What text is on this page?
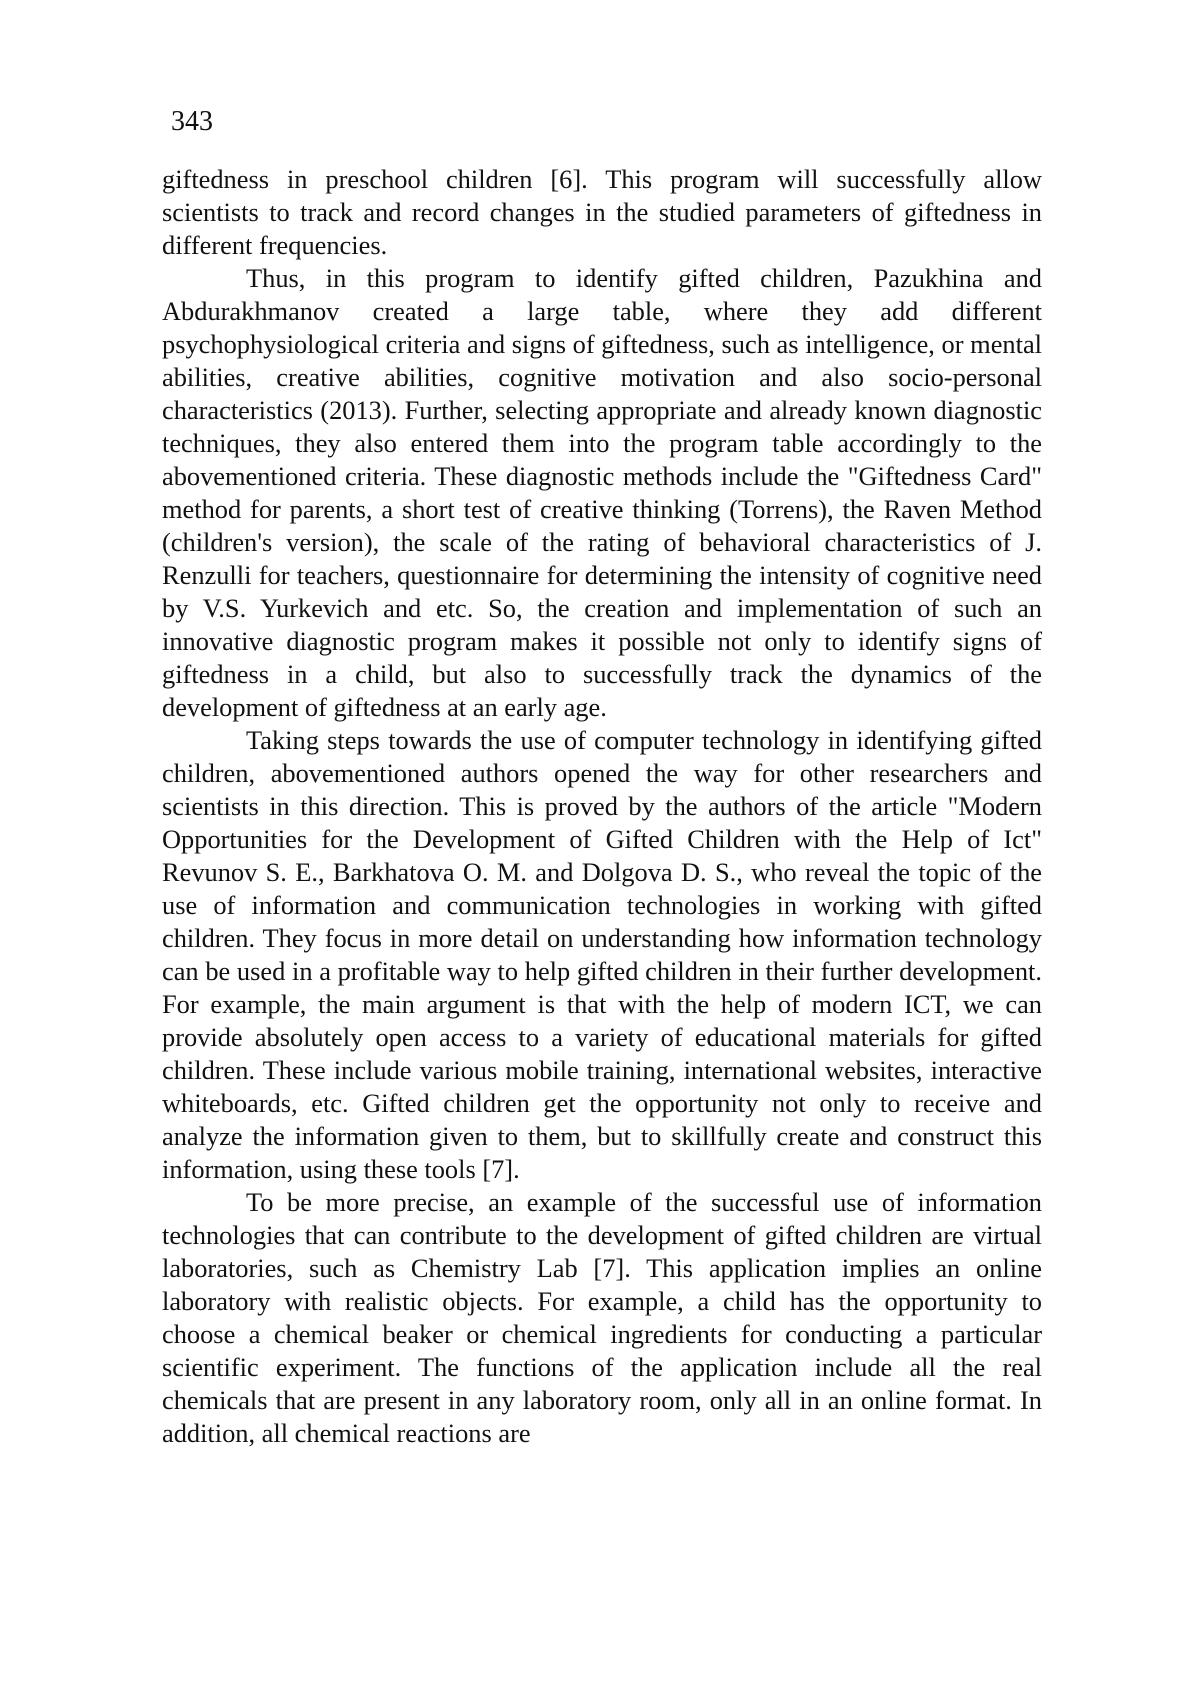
343

giftedness in preschool children [6]. This program will successfully allow scientists to track and record changes in the studied parameters of giftedness in different frequencies.

Thus, in this program to identify gifted children, Pazukhina and Abdurakhmanov created a large table, where they add different psychophysiological criteria and signs of giftedness, such as intelligence, or mental abilities, creative abilities, cognitive motivation and also socio-personal characteristics (2013). Further, selecting appropriate and already known diagnostic techniques, they also entered them into the program table accordingly to the abovementioned criteria. These diagnostic methods include the "Giftedness Card" method for parents, a short test of creative thinking (Torrens), the Raven Method (children's version), the scale of the rating of behavioral characteristics of J. Renzulli for teachers, questionnaire for determining the intensity of cognitive need by V.S. Yurkevich and etc. So, the creation and implementation of such an innovative diagnostic program makes it possible not only to identify signs of giftedness in a child, but also to successfully track the dynamics of the development of giftedness at an early age.

Taking steps towards the use of computer technology in identifying gifted children, abovementioned authors opened the way for other researchers and scientists in this direction. This is proved by the authors of the article "Modern Opportunities for the Development of Gifted Children with the Help of Ict" Revunov S. E., Barkhatova O. M. and Dolgova D. S., who reveal the topic of the use of information and communication technologies in working with gifted children. They focus in more detail on understanding how information technology can be used in a profitable way to help gifted children in their further development. For example, the main argument is that with the help of modern ICT, we can provide absolutely open access to a variety of educational materials for gifted children. These include various mobile training, international websites, interactive whiteboards, etc. Gifted children get the opportunity not only to receive and analyze the information given to them, but to skillfully create and construct this information, using these tools [7].

To be more precise, an example of the successful use of information technologies that can contribute to the development of gifted children are virtual laboratories, such as Chemistry Lab [7]. This application implies an online laboratory with realistic objects. For example, a child has the opportunity to choose a chemical beaker or chemical ingredients for conducting a particular scientific experiment. The functions of the application include all the real chemicals that are present in any laboratory room, only all in an online format. In addition, all chemical reactions are
